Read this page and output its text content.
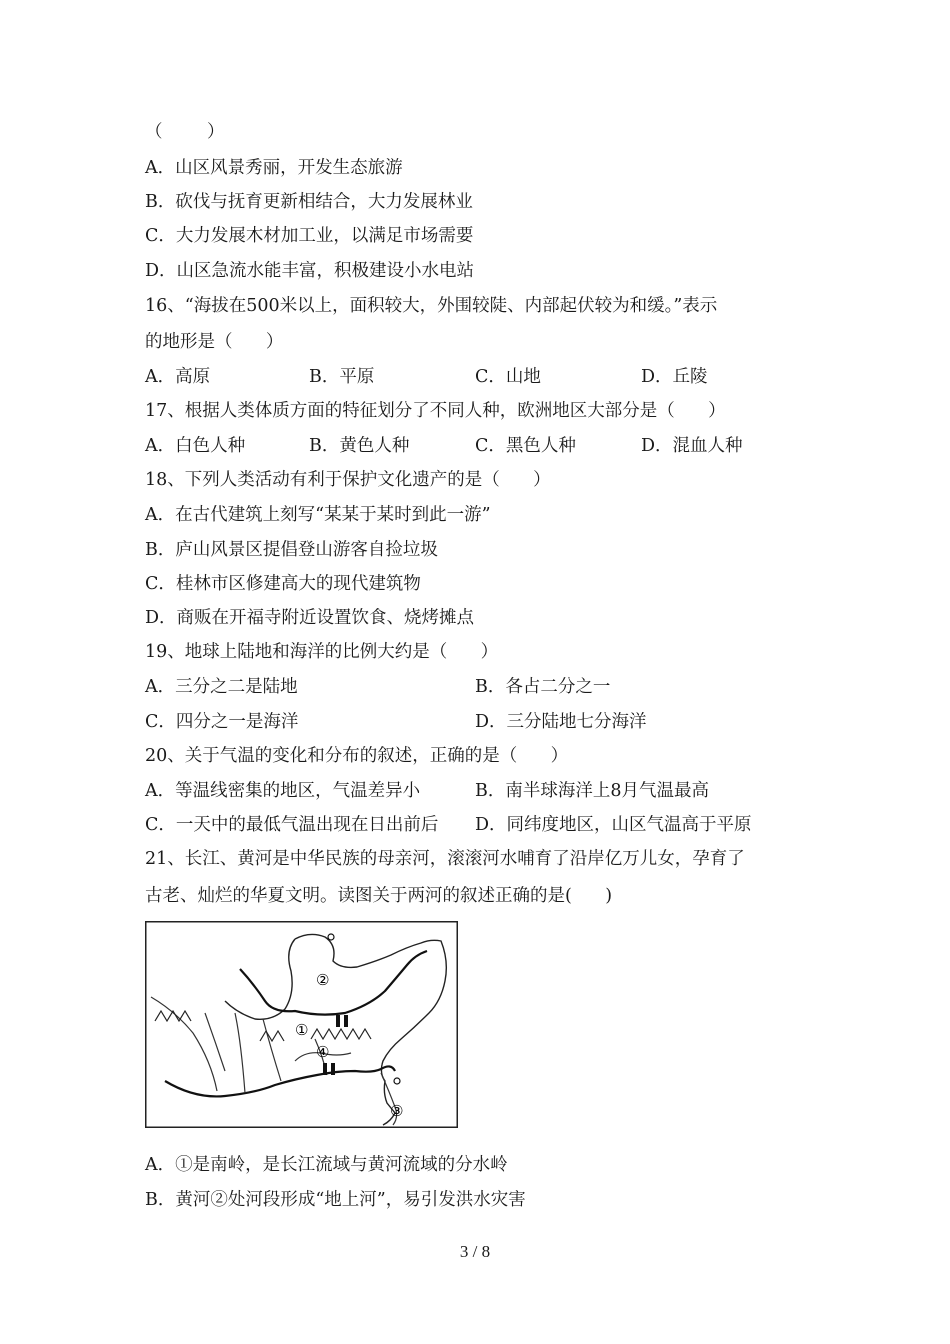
（        ）
A．山区风景秀丽，开发生态旅游
B．砍伐与抚育更新相结合，大力发展林业
C．大力发展木材加工业，以满足市场需要
D．山区急流水能丰富，积极建设小水电站
16、“海拔在500米以上，面积较大，外围较陡、内部起伏较为和缓。”表示
的地形是（      ）
A．高原	B．平原	C．山地	D．丘陵
17、根据人类体质方面的特征划分了不同人种，欧洲地区大部分是（      ）
A．白色人种	B．黄色人种	C．黑色人种	D．混血人种
18、下列人类活动有利于保护文化遗产的是（      ）
A．在古代建筑上刻写“某某于某时到此一游”
B．庐山风景区提倡登山游客自捡垃圾
C．桂林市区修建高大的现代建筑物
D．商贩在开福寺附近设置饮食、烧烤摊点
19、地球上陆地和海洋的比例大约是（      ）
A．三分之二是陆地	B．各占二分之一
C．四分之一是海洋	D．三分陆地七分海洋
20、关于气温的变化和分布的叙述，正确的是（      ）
A．等温线密集的地区，气温差异小	B．南半球海洋上8月气温最高
C．一天中的最低气温出现在日出前后 D．同纬度地区，山区气温高于平原
21、长江、黄河是中华民族的母亲河，滚滚河水哺育了沿岸亿万儿女，孕育了
古老、灿烂的华夏文明。读图关于两河的叙述正确的是(      )
①
②
③
④
A．①是南岭，是长江流域与黄河流域的分水岭
B．黄河②处河段形成“地上河”，易引发洪水灾害
3 / 8
